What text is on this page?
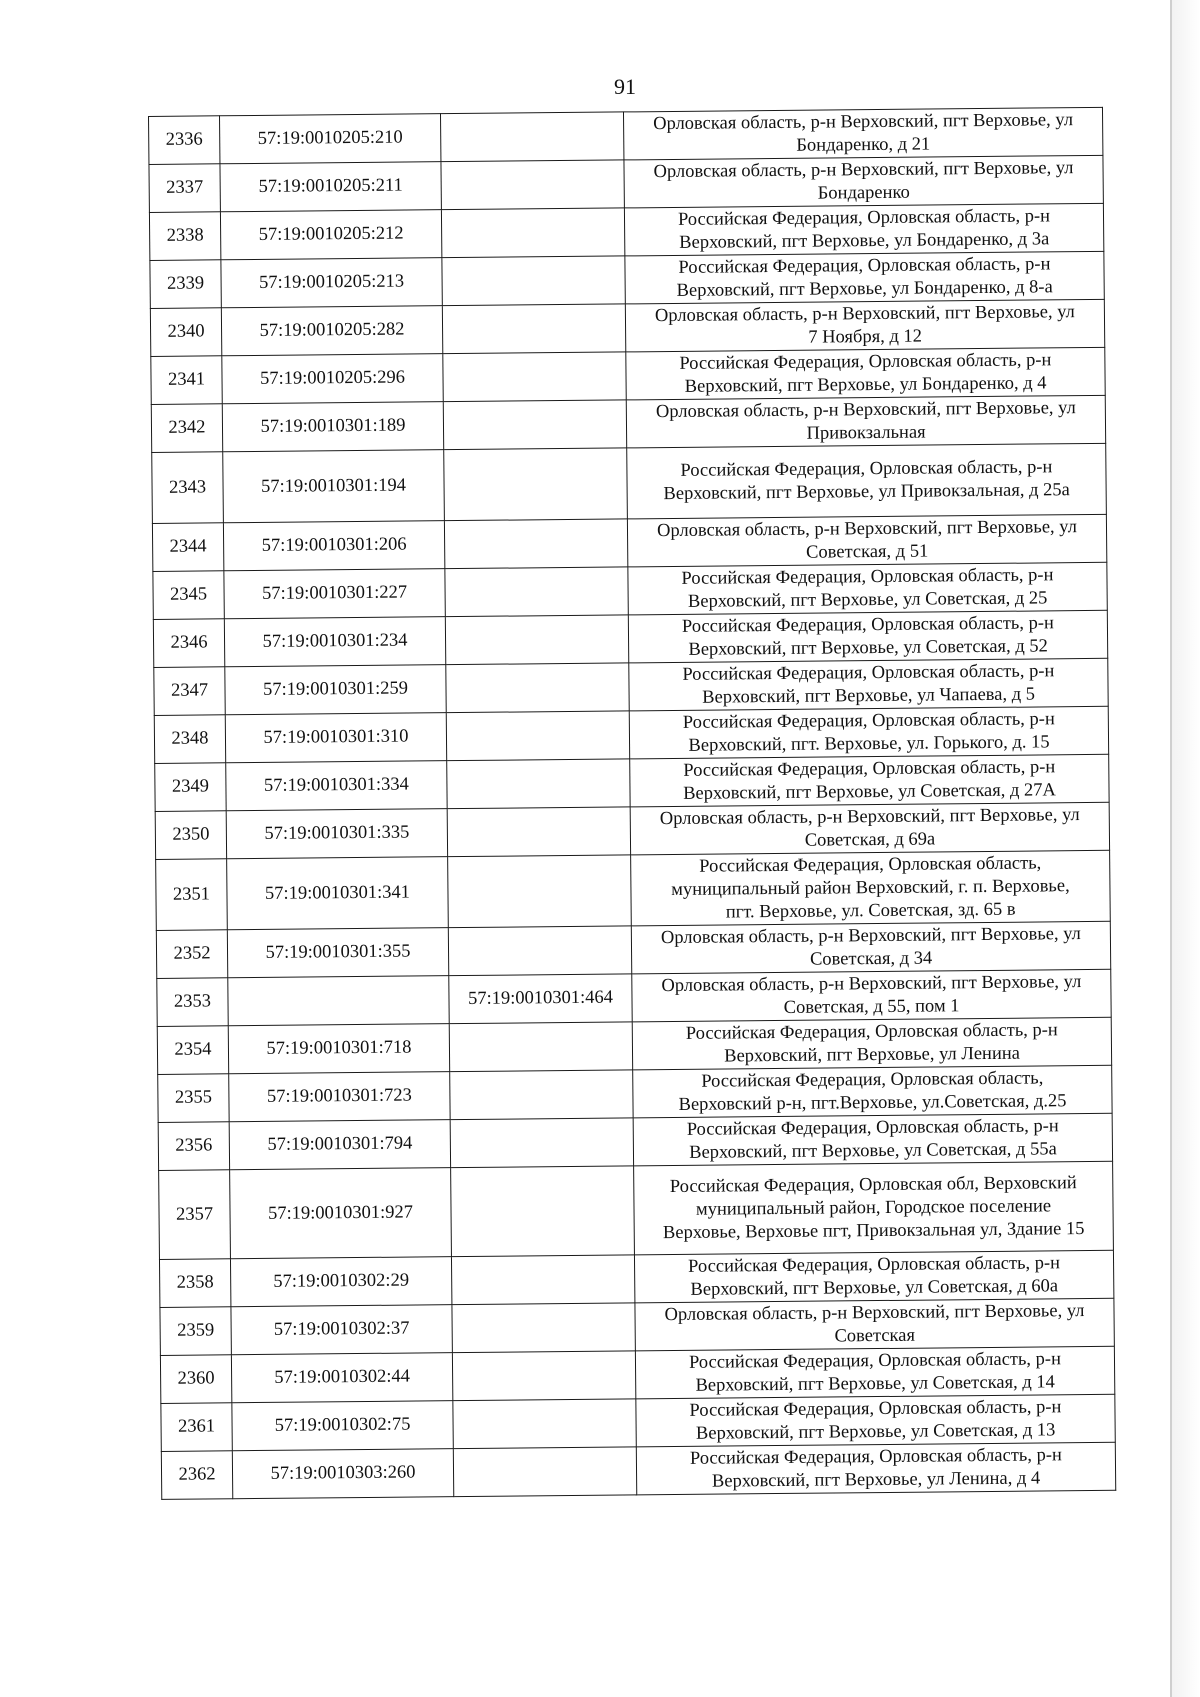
91
2336	57:19:0010205:210		Орловская область, р-н Верховский, пгт Верховье, ул
Бондаренко, д 21

2337	57:19:0010205:211		Орловская область, р-н Верховский, пгт Верховье, ул
Бондаренко

2338	57:19:0010205:212		Российская Федерация, Орловская область, р-н
Верховский, пгт Верховье, ул Бондаренко, д 3а

2339	57:19:0010205:213		Российская Федерация, Орловская область, р-н
Верховский, пгт Верховье, ул Бондаренко, д 8-а

2340	57:19:0010205:282		Орловская область, р-н Верховский, пгт Верховье, ул
7 Ноября, д 12

2341	57:19:0010205:296		Российская Федерация, Орловская область, р-н
Верховский, пгт Верховье, ул Бондаренко, д 4

2342	57:19:0010301:189		Орловская область, р-н Верховский, пгт Верховье, ул
Привокзальная

2343	57:19:0010301:194		Российская Федерация, Орловская область, р-н
Верховский, пгт Верховье, ул Привокзальная, д 25а

2344	57:19:0010301:206		Орловская область, р-н Верховский, пгт Верховье, ул
Советская, д 51

2345	57:19:0010301:227		Российская Федерация, Орловская область, р-н
Верховский, пгт Верховье, ул Советская, д 25

2346	57:19:0010301:234		Российская Федерация, Орловская область, р-н
Верховский, пгт Верховье, ул Советская, д 52

2347	57:19:0010301:259		Российская Федерация, Орловская область, р-н
Верховский, пгт Верховье, ул Чапаева, д 5

2348	57:19:0010301:310		Российская Федерация, Орловская область, р-н
Верховский, пгт. Верховье, ул. Горького, д. 15

2349	57:19:0010301:334		Российская Федерация, Орловская область, р-н
Верховский, пгт Верховье, ул Советская, д 27А

2350	57:19:0010301:335		Орловская область, р-н Верховский, пгт Верховье, ул
Советская, д 69а

2351	57:19:0010301:341		Российская Федерация, Орловская область,
муниципальный район Верховский, г. п. Верховье,
пгт. Верховье, ул. Советская, зд. 65 в

2352	57:19:0010301:355		Орловская область, р-н Верховский, пгт Верховье, ул
Советская, д 34

2353		57:19:0010301:464	Орловская область, р-н Верховский, пгт Верховье, ул
Советская, д 55, пом 1

2354	57:19:0010301:718		Российская Федерация, Орловская область, р-н
Верховский, пгт Верховье, ул Ленина

2355	57:19:0010301:723		Российская Федерация, Орловская область,
Верховский р-н, пгт.Верховье, ул.Советская, д.25

2356	57:19:0010301:794		Российская Федерация, Орловская область, р-н
Верховский, пгт Верховье, ул Советская, д 55а

2357	57:19:0010301:927		Российская Федерация, Орловская обл, Верховский
муниципальный район, Городское поселение
Верховье, Верховье пгт, Привокзальная ул, Здание 15

2358	57:19:0010302:29		Российская Федерация, Орловская область, р-н
Верховский, пгт Верховье, ул Советская, д 60а

2359	57:19:0010302:37		Орловская область, р-н Верховский, пгт Верховье, ул
Советская

2360	57:19:0010302:44		Российская Федерация, Орловская область, р-н
Верховский, пгт Верховье, ул Советская, д 14

2361	57:19:0010302:75		Российская Федерация, Орловская область, р-н
Верховский, пгт Верховье, ул Советская, д 13

2362	57:19:0010303:260		Российская Федерация, Орловская область, р-н
Верховский, пгт Верховье, ул Ленина, д 4
